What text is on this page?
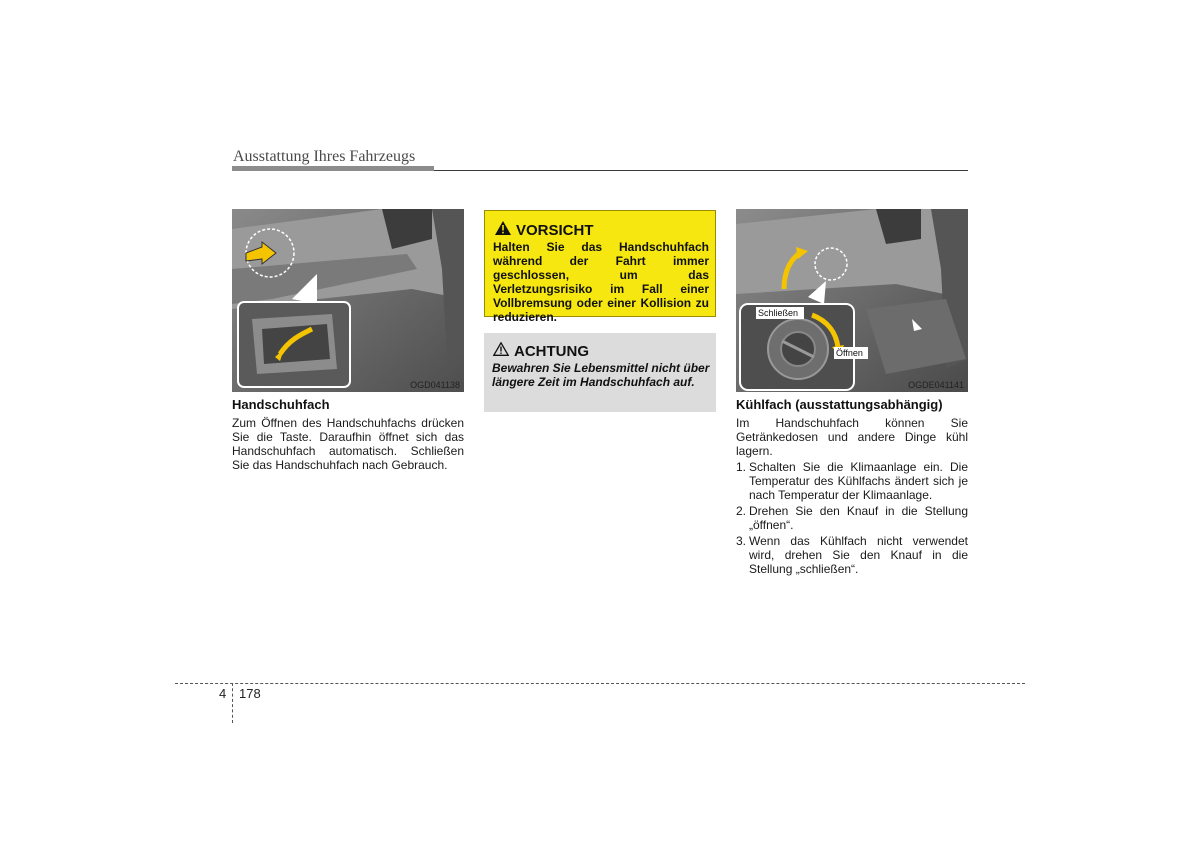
Ausstattung Ihres Fahrzeugs
OGD041138
Handschuhfach
Zum Öffnen des Handschuhfachs drücken Sie die Taste. Daraufhin öffnet sich das Handschuhfach automatisch. Schließen Sie das Handschuhfach nach Gebrauch.
VORSICHT
Halten Sie das Handschuhfach während der Fahrt immer geschlossen, um das Verletzungsrisiko im Fall einer Vollbremsung oder einer Kollision zu reduzieren.
ACHTUNG
Bewahren Sie Lebensmittel nicht über längere Zeit im Handschuhfach auf.
Schließen
Öffnen
OGDE041141
Kühlfach (ausstattungsabhängig)
Im Handschuhfach können Sie Getränkedosen und andere Dinge kühl lagern.
1. Schalten Sie die Klimaanlage ein. Die Temperatur des Kühlfachs ändert sich je nach Temperatur der Klimaanlage.
2. Drehen Sie den Knauf in die Stellung „öffnen“.
3. Wenn das Kühlfach nicht verwendet wird, drehen Sie den Knauf in die Stellung „schließen“.
4 178
